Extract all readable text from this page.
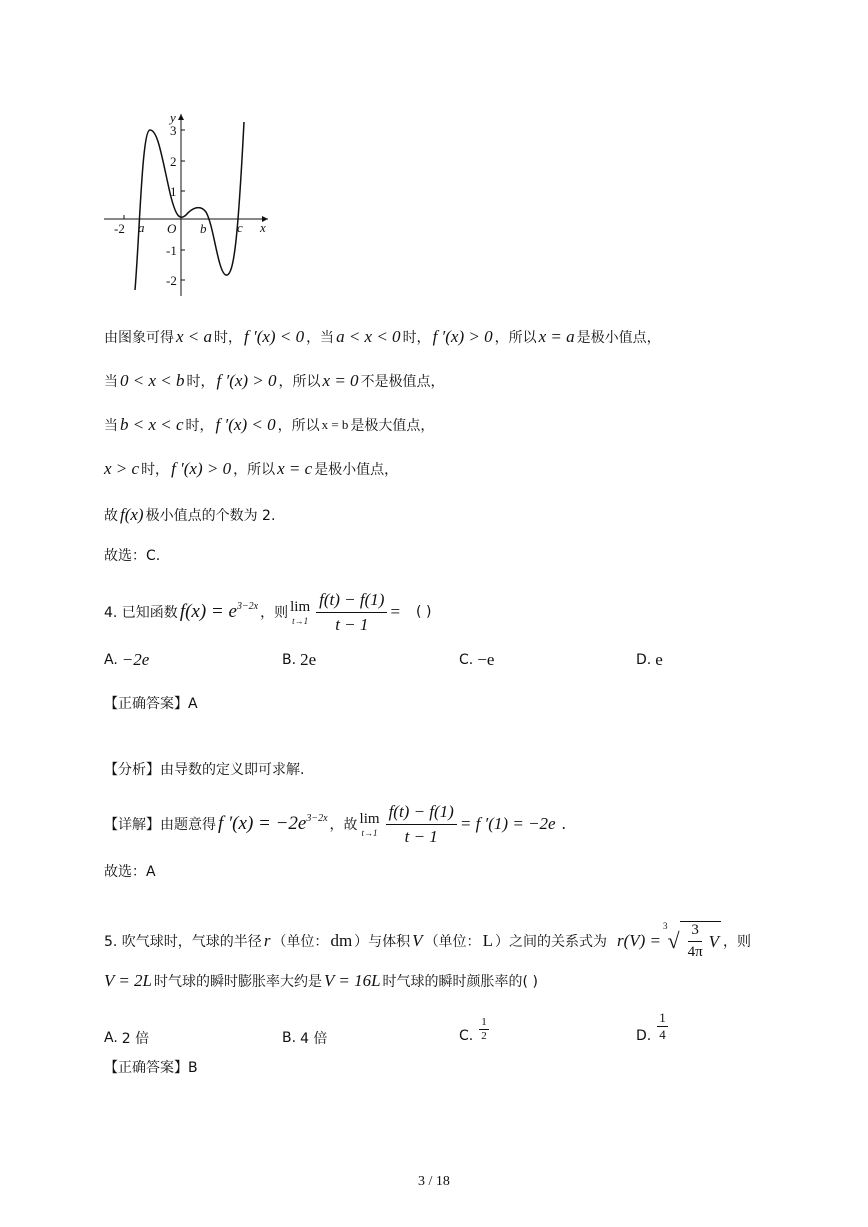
y
x
O
3
2
1
-1
-2
-2 a	b c
由图象可得 x < a 时， f ′(x) < 0 ，当 a < x < 0 时， f ′(x) > 0 ，所以 x = a 是极小值点，
当 0 < x < b 时， f ′(x) > 0 ，所以 x = 0 不是极值点，
当 b < x < c 时， f ′(x) < 0 ，所以 x = b 是极大值点，
x > c 时， f ′(x) > 0 ，所以 x = c 是极小值点，
故 f(x) 极小值点的个数为 2.
故选：C.
4. 已知函数 $f(x) = e^{3-2x}$ ，则 lim
$t\to 1 \frac{f(t) - f(1)}{t - 1}$ = ( )
A. −2e	B. 2e	C. −e	D. e
【正确答案】A
【分析】由导数的定义即可求解.
【详解】由题意得 f $'(x) = -2e^{3-2x}$ ，故 lim
$t\to 1 \frac{f(t) - f(1)}{t - 1} = f$ ′(1) = −2e .
故选：A
5. 吹气球时，气球的半径 r （单位： dm ）与体积 V （单位： L ）之间的关系式为 r(V) =
3
√ $\frac{3}{4\pi}$ V ，则
V = 2L 时气球的瞬时膨胀率大约是 V = 16L 时气球的瞬时颜胀率的( )
A. 2 倍	B. 4 倍	C. $\frac{1}{2}$	D. $\frac{1}{4}$
【正确答案】B
3 / 18
